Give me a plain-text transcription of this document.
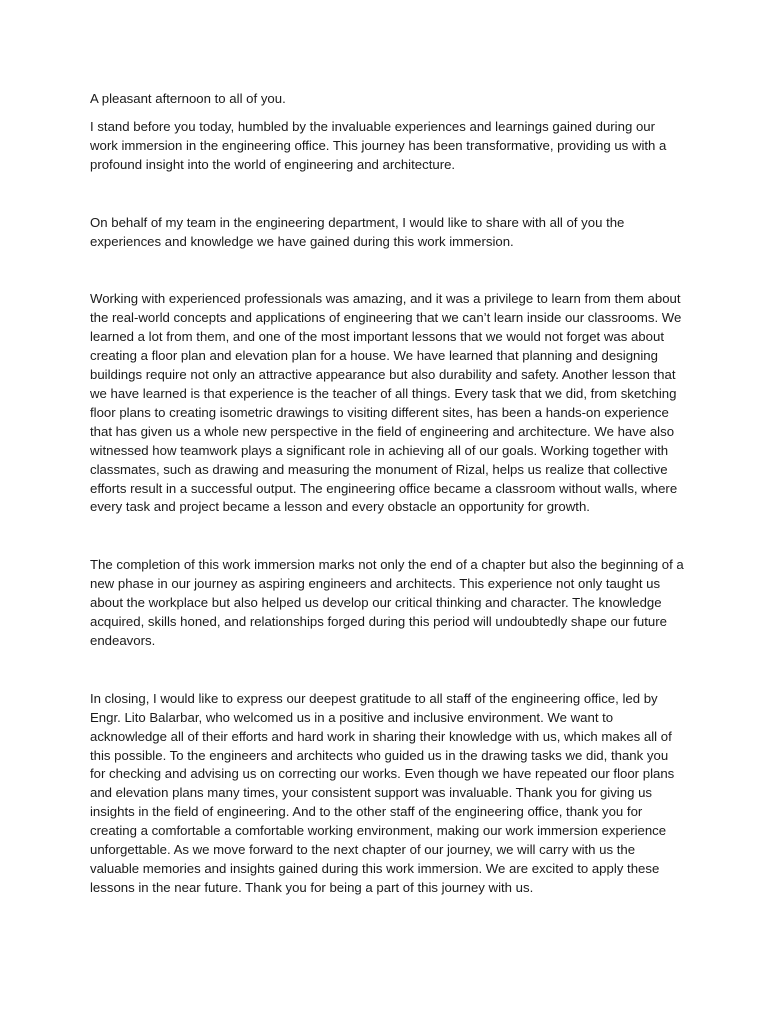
A pleasant afternoon to all of you.

I stand before you today, humbled by the invaluable experiences and learnings gained during our work immersion in the engineering office. This journey has been transformative, providing us with a profound insight into the world of engineering and architecture.

On behalf of my team in the engineering department, I would like to share with all of you the experiences and knowledge we have gained during this work immersion.

Working with experienced professionals was amazing, and it was a privilege to learn from them about the real-world concepts and applications of engineering that we can’t learn inside our classrooms. We learned a lot from them, and one of the most important lessons that we would not forget was about creating a floor plan and elevation plan for a house. We have learned that planning and designing buildings require not only an attractive appearance but also durability and safety. Another lesson that we have learned is that experience is the teacher of all things. Every task that we did, from sketching floor plans to creating isometric drawings to visiting different sites, has been a hands-on experience that has given us a whole new perspective in the field of engineering and architecture. We have also witnessed how teamwork plays a significant role in achieving all of our goals. Working together with classmates, such as drawing and measuring the monument of Rizal, helps us realize that collective efforts result in a successful output. The engineering office became a classroom without walls, where every task and project became a lesson and every obstacle an opportunity for growth.

The completion of this work immersion marks not only the end of a chapter but also the beginning of a new phase in our journey as aspiring engineers and architects. This experience not only taught us about the workplace but also helped us develop our critical thinking and character. The knowledge acquired, skills honed, and relationships forged during this period will undoubtedly shape our future endeavors.

In closing, I would like to express our deepest gratitude to all staff of the engineering office, led by Engr. Lito Balarbar, who welcomed us in a positive and inclusive environment. We want to acknowledge all of their efforts and hard work in sharing their knowledge with us, which makes all of this possible. To the engineers and architects who guided us in the drawing tasks we did, thank you for checking and advising us on correcting our works. Even though we have repeated our floor plans and elevation plans many times, your consistent support was invaluable. Thank you for giving us insights in the field of engineering. And to the other staff of the engineering office, thank you for creating a comfortable a comfortable working environment, making our work immersion experience unforgettable. As we move forward to the next chapter of our journey, we will carry with us the valuable memories and insights gained during this work immersion. We are excited to apply these lessons in the near future. Thank you for being a part of this journey with us.
